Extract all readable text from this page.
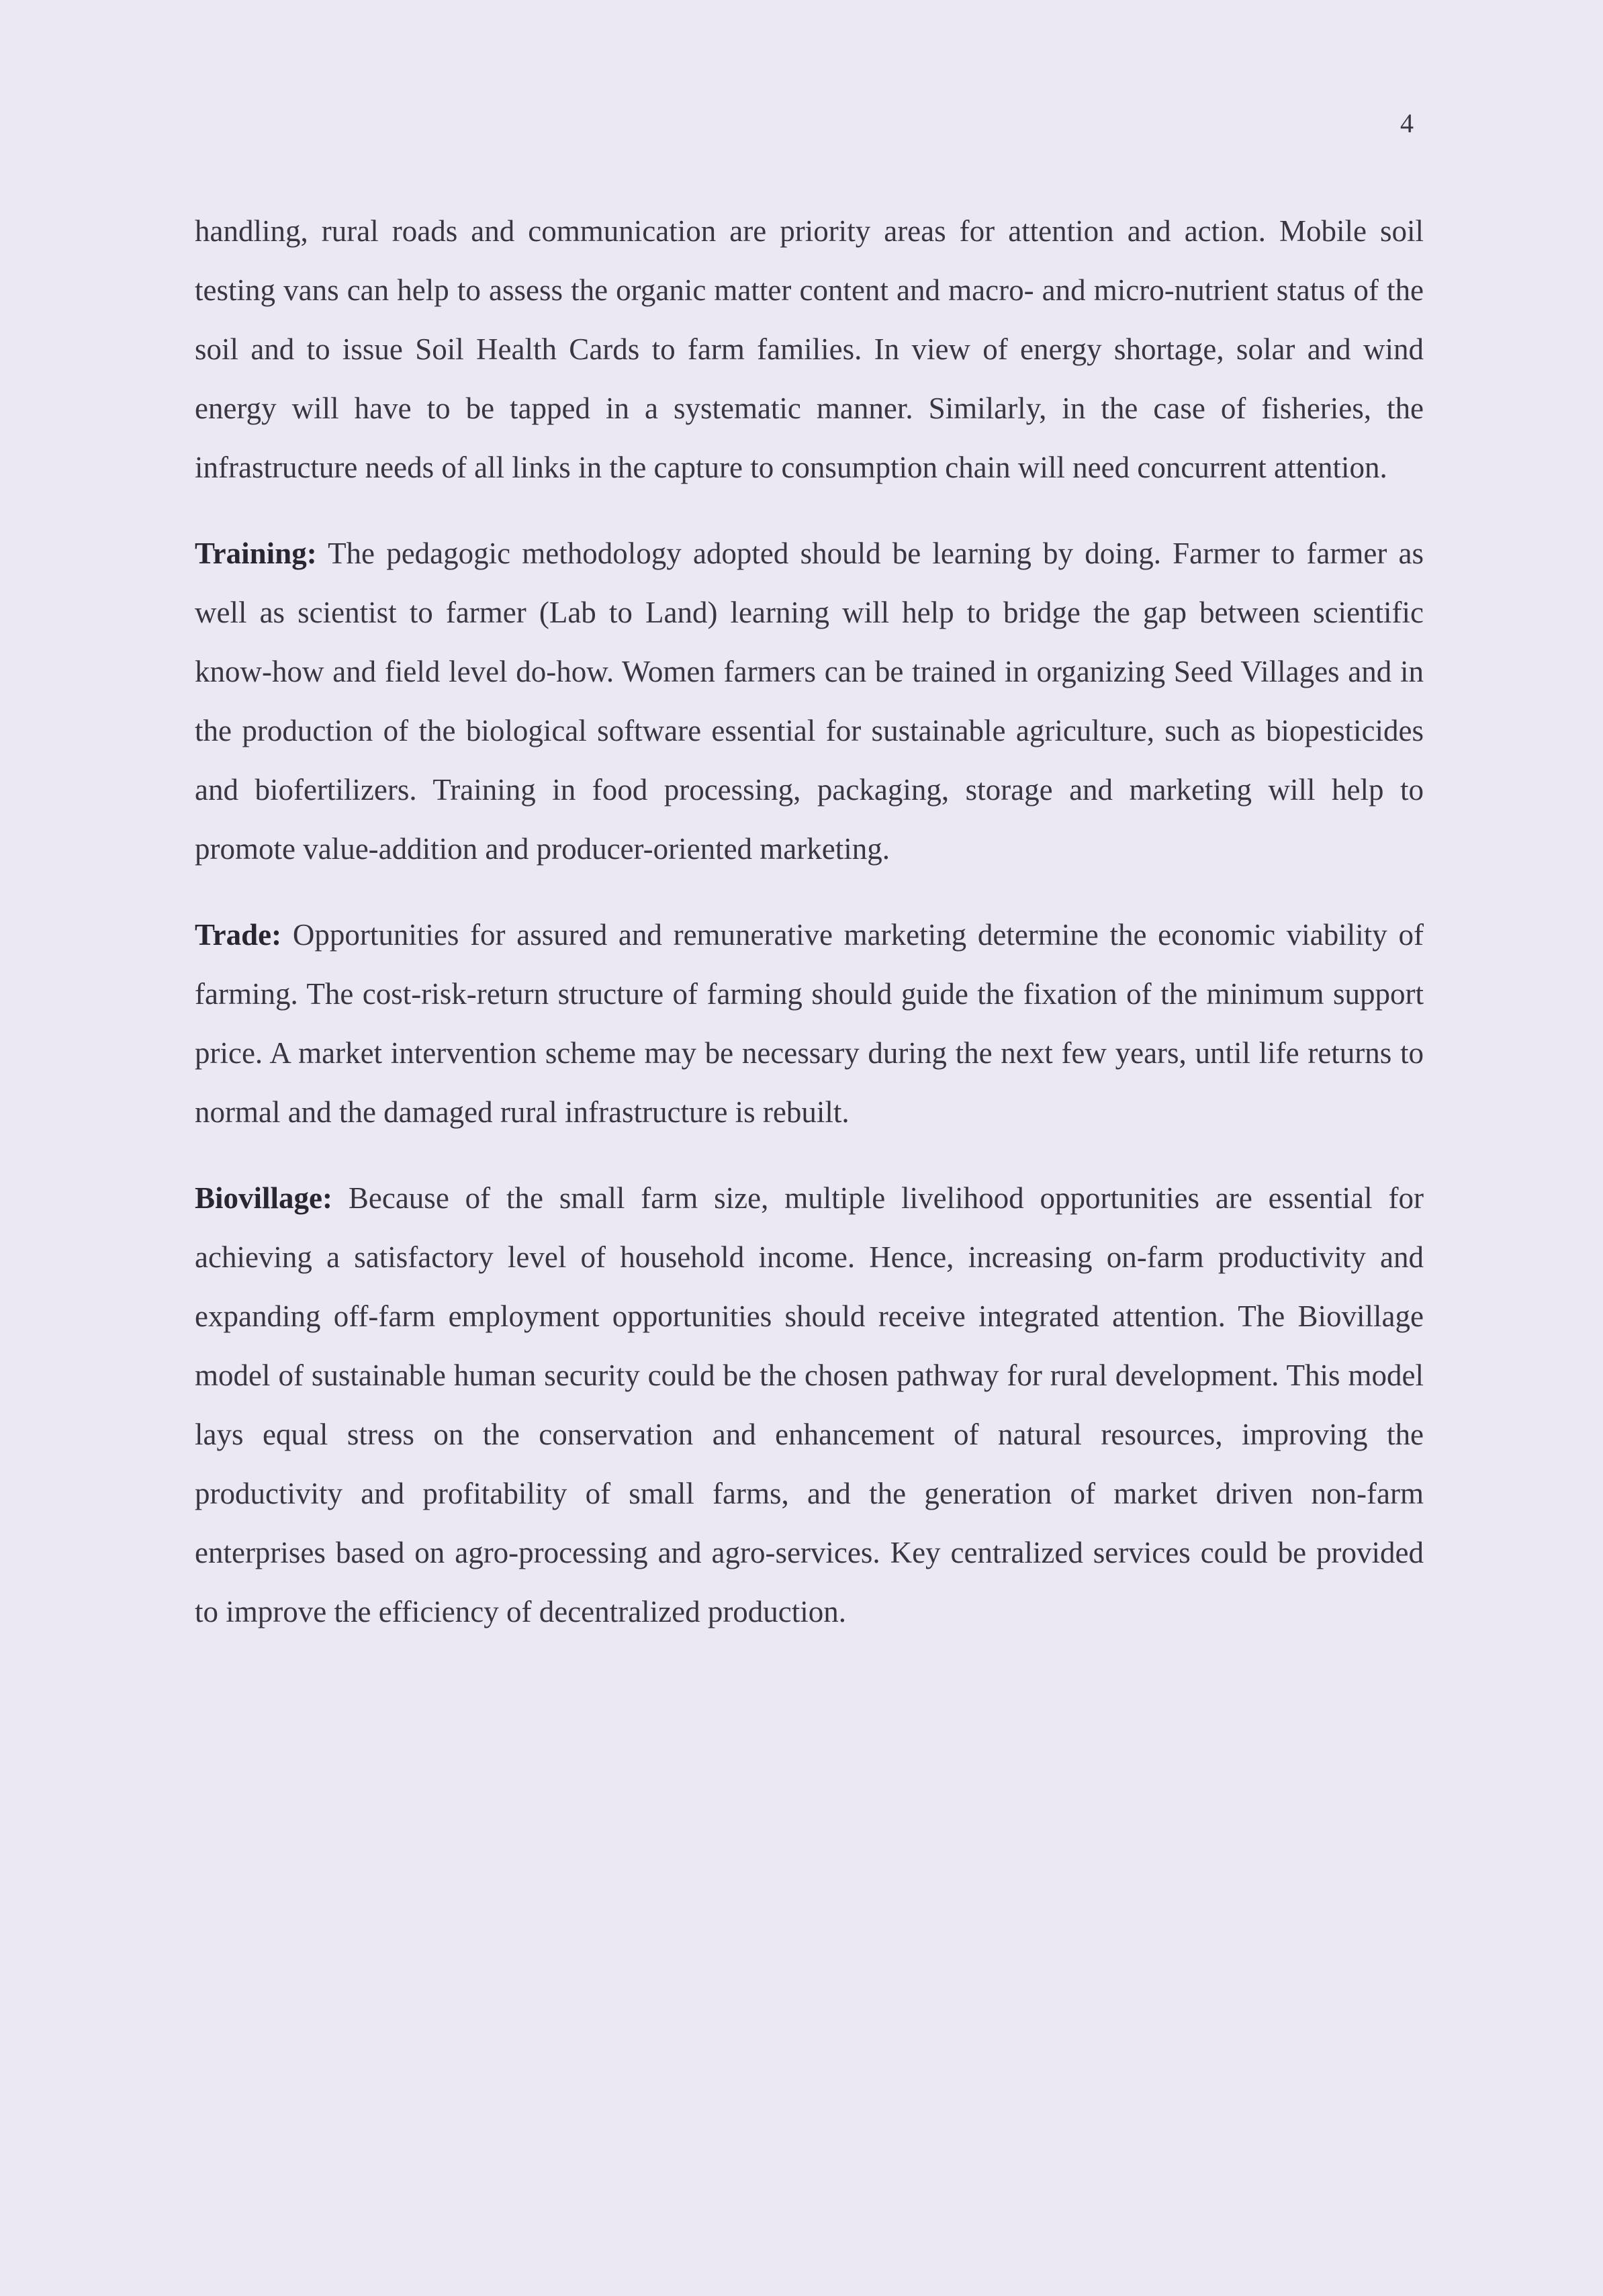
4

handling, rural roads and communication are priority areas for attention and action. Mobile soil testing vans can help to assess the organic matter content and macro- and micro-nutrient status of the soil and to issue Soil Health Cards to farm families. In view of energy shortage, solar and wind energy will have to be tapped in a systematic manner. Similarly, in the case of fisheries, the infrastructure needs of all links in the capture to consumption chain will need concurrent attention.

Training: The pedagogic methodology adopted should be learning by doing. Farmer to farmer as well as scientist to farmer (Lab to Land) learning will help to bridge the gap between scientific know-how and field level do-how. Women farmers can be trained in organizing Seed Villages and in the production of the biological software essential for sustainable agriculture, such as biopesticides and biofertilizers. Training in food processing, packaging, storage and marketing will help to promote value-addition and producer-oriented marketing.

Trade: Opportunities for assured and remunerative marketing determine the economic viability of farming. The cost-risk-return structure of farming should guide the fixation of the minimum support price. A market intervention scheme may be necessary during the next few years, until life returns to normal and the damaged rural infrastructure is rebuilt.

Biovillage: Because of the small farm size, multiple livelihood opportunities are essential for achieving a satisfactory level of household income. Hence, increasing on-farm productivity and expanding off-farm employment opportunities should receive integrated attention. The Biovillage model of sustainable human security could be the chosen pathway for rural development. This model lays equal stress on the conservation and enhancement of natural resources, improving the productivity and profitability of small farms, and the generation of market driven non-farm enterprises based on agro-processing and agro-services. Key centralized services could be provided to improve the efficiency of decentralized production.
